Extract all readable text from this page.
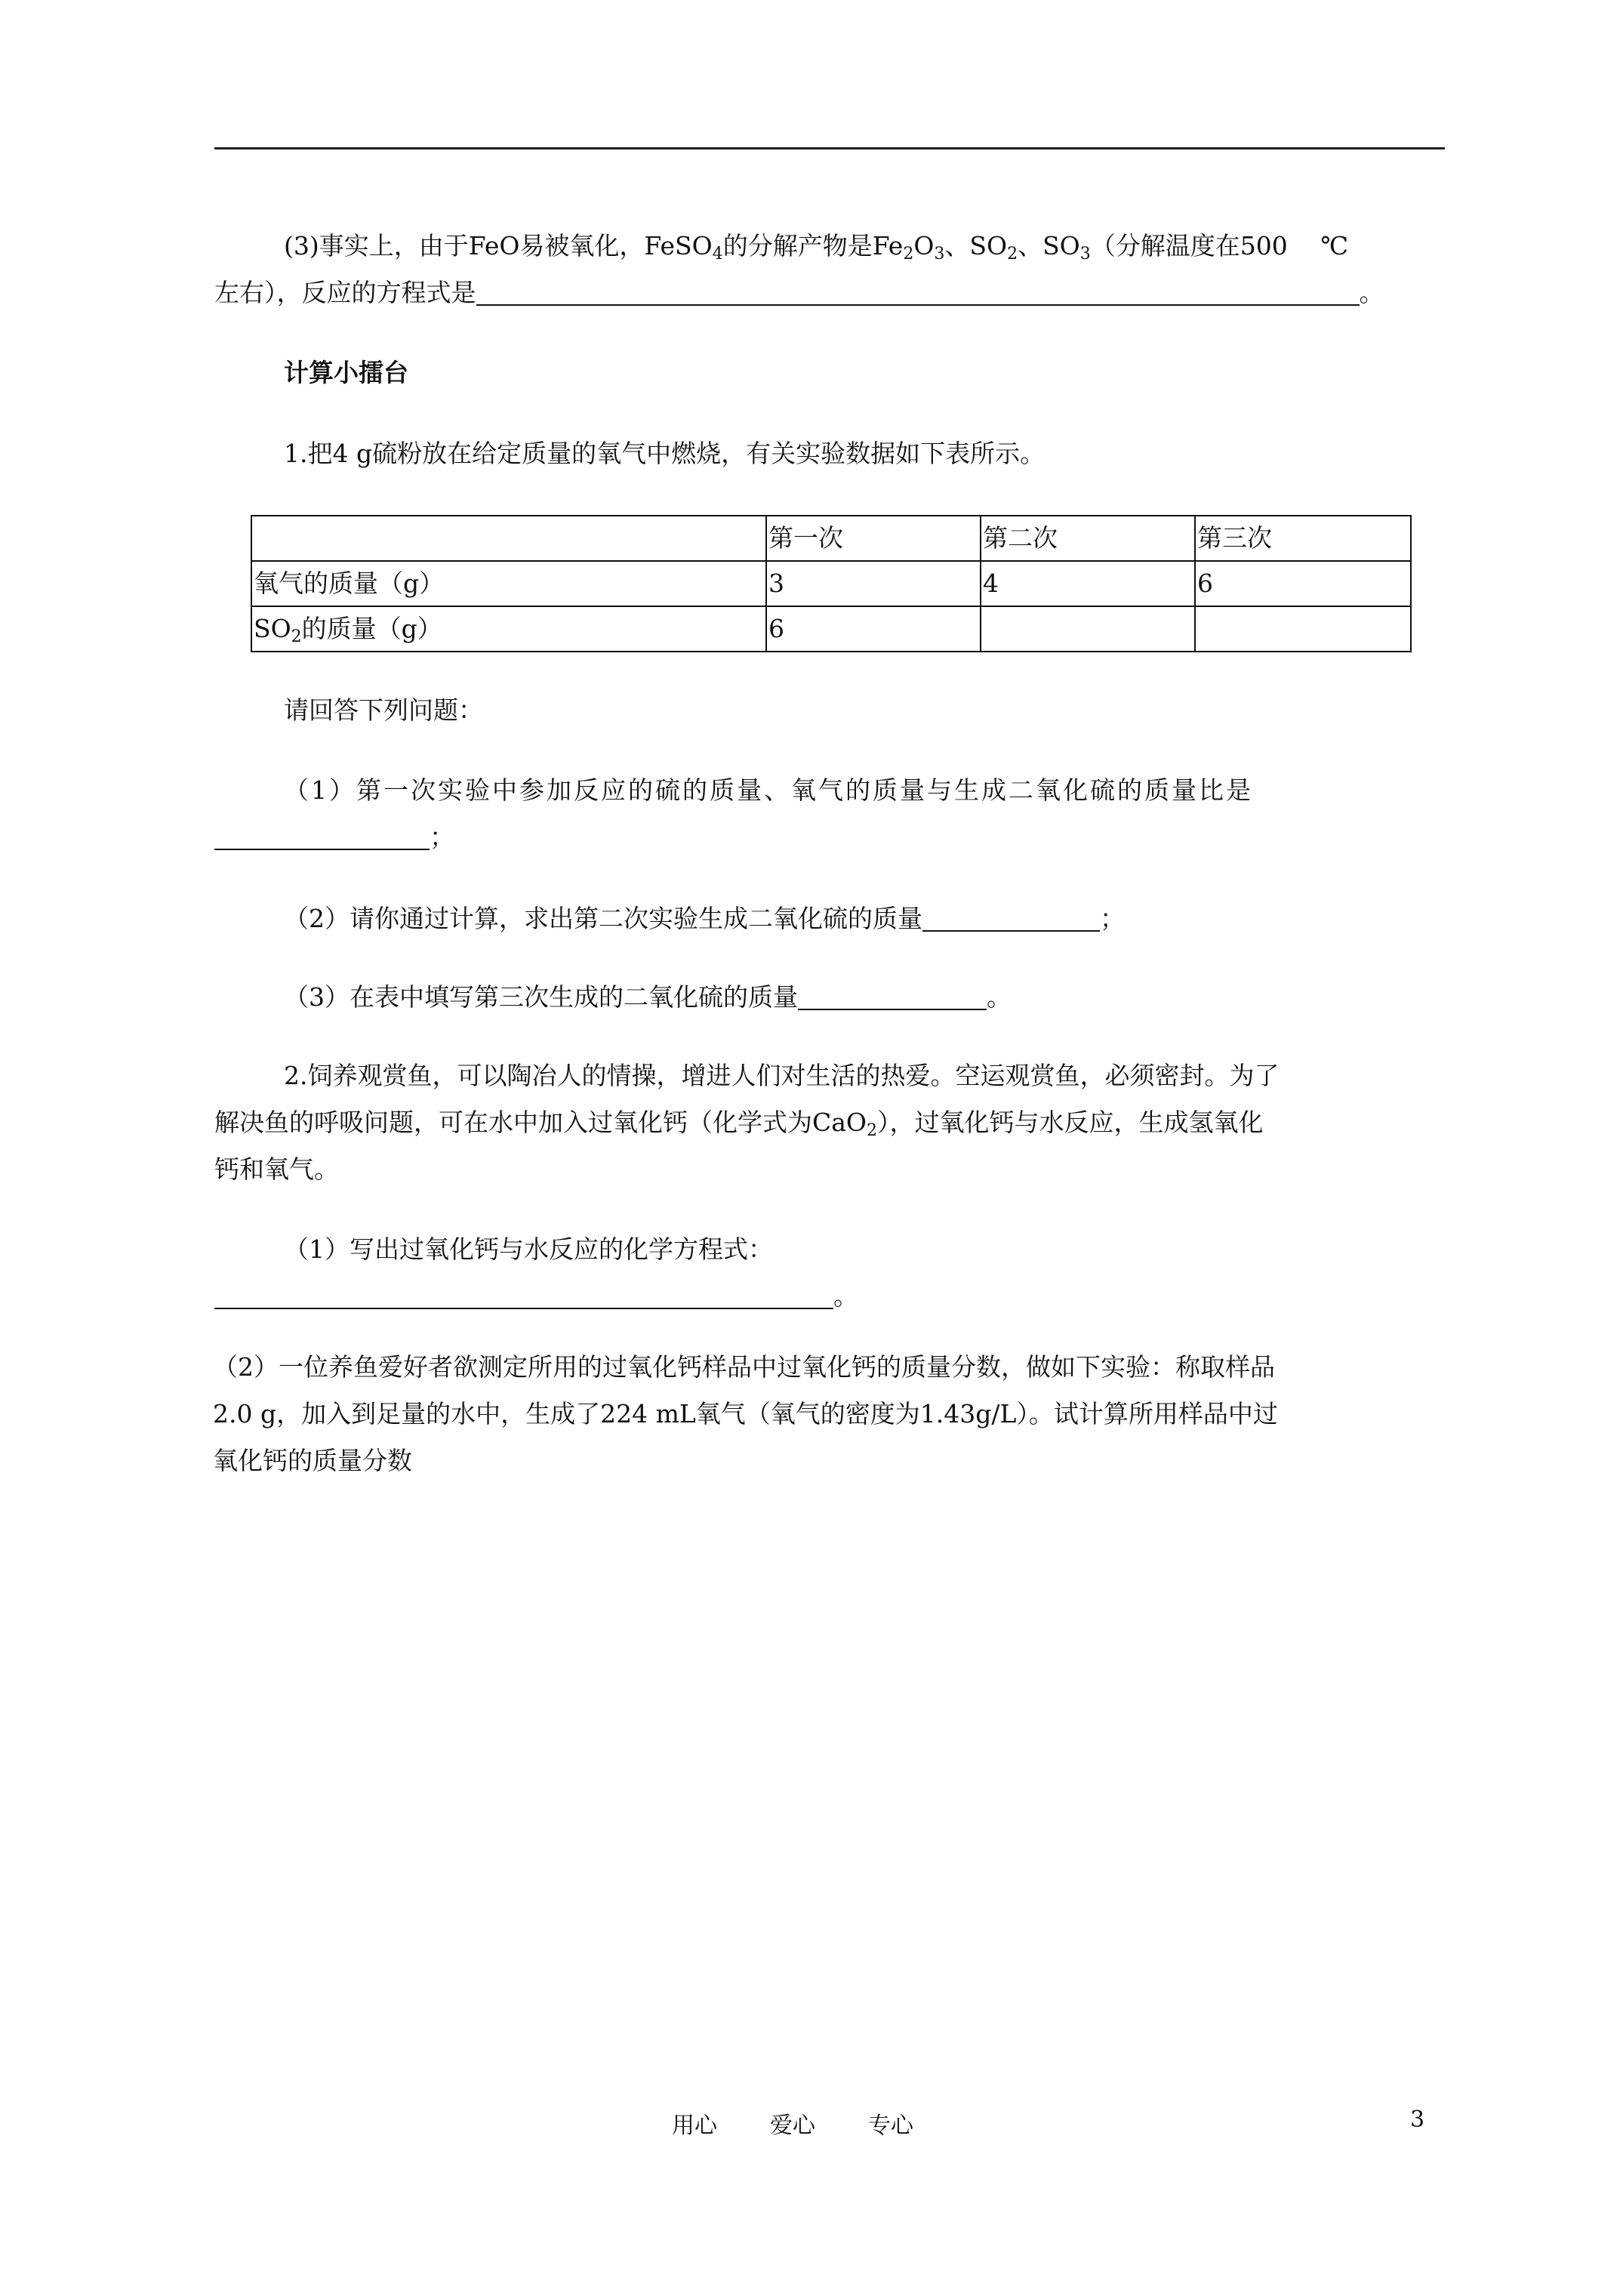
(3)事实上，由于FeO易被氧化，FeSO$_4$的分解产物是$Fe_2O_3$、$SO_2$、$SO_3$（分解温度在500　 ℃
左右），反应的方程式是	。
计算小擂台
1.把4 g硫粉放在给定质量的氧气中燃烧，有关实验数据如下表所示。
	第一次	第二次	第三次
氧气的质量（g）	3	4	6
$SO_2$的质量（g）	6		
请回答下列问题：
（1）第一次实验中参加反应的硫的质量、氧气的质量与生成二氧化硫的质量比是
；
（2）请你通过计算，求出第二次实验生成二氧化硫的质量	；
（3）在表中填写第三次生成的二氧化硫的质量	。
2.饲养观赏鱼，可以陶冶人的情操，增进人们对生活的热爱。空运观赏鱼，必须密封。为了
解决鱼的呼吸问题，可在水中加入过氧化钙（化学式为CaO$_2$），过氧化钙与水反应，生成氢氧化
钙和氧气。
（1）写出过氧化钙与水反应的化学方程式：
。
（2）一位养鱼爱好者欲测定所用的过氧化钙样品中过氧化钙的质量分数，做如下实验：称取样品
2.0 g，加入到足量的水中，生成了224 mL氧气（氧气的密度为1.43g/L）。试计算所用样品中过
氧化钙的质量分数
用心 爱心 专心	3
